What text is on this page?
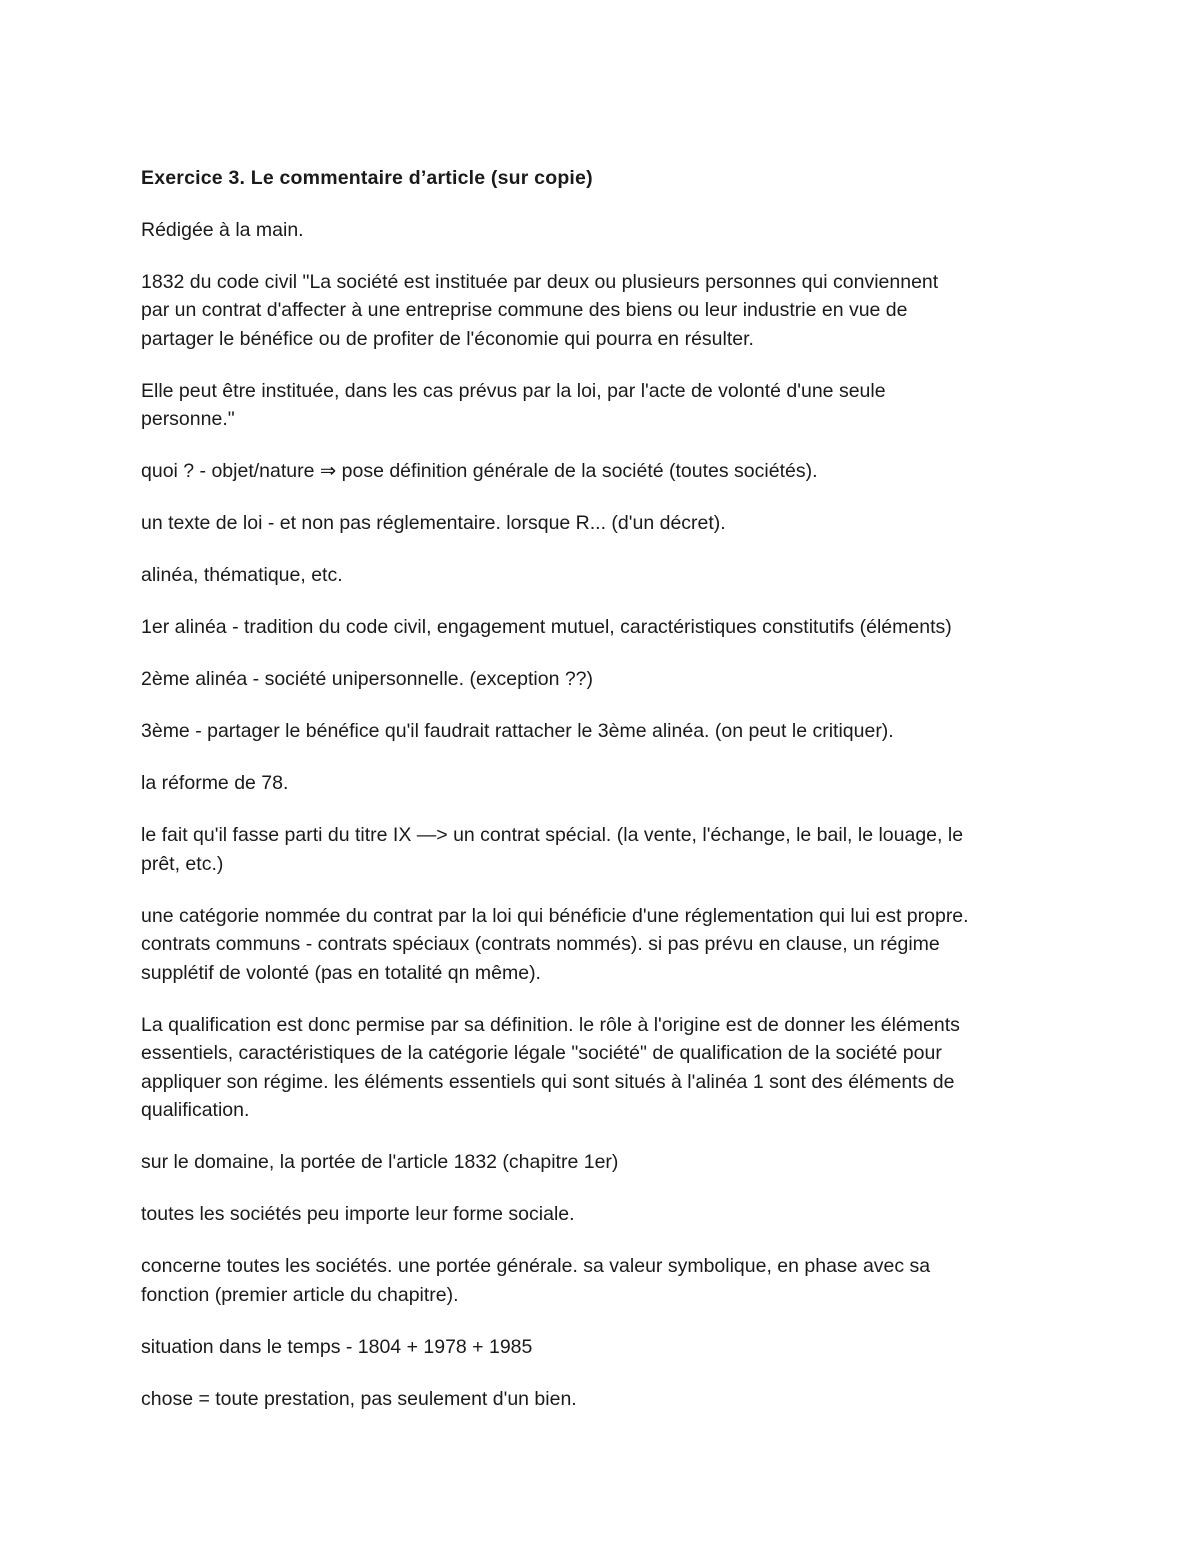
Exercice 3. Le commentaire d’article (sur copie)
Rédigée à la main.
1832 du code civil "La société est instituée par deux ou plusieurs personnes qui conviennent
par un contrat d'affecter à une entreprise commune des biens ou leur industrie en vue de
partager le bénéfice ou de profiter de l'économie qui pourra en résulter.
Elle peut être instituée, dans les cas prévus par la loi, par l'acte de volonté d'une seule
personne."
quoi ? - objet/nature ⇒ pose définition générale de la société (toutes sociétés).
un texte de loi - et non pas réglementaire. lorsque R... (d'un décret).
alinéa, thématique, etc.
1er alinéa - tradition du code civil, engagement mutuel, caractéristiques constitutifs (éléments)
2ème alinéa - société unipersonnelle. (exception ??)
3ème - partager le bénéfice qu'il faudrait rattacher le 3ème alinéa. (on peut le critiquer).
la réforme de 78.
le fait qu'il fasse parti du titre IX —> un contrat spécial. (la vente, l'échange, le bail, le louage, le
prêt, etc.)
une catégorie nommée du contrat par la loi qui bénéficie d'une réglementation qui lui est propre.
contrats communs - contrats spéciaux (contrats nommés). si pas prévu en clause, un régime
supplétif de volonté (pas en totalité qn même).
La qualification est donc permise par sa définition. le rôle à l'origine est de donner les éléments
essentiels, caractéristiques de la catégorie légale "société" de qualification de la société pour
appliquer son régime. les éléments essentiels qui sont situés à l'alinéa 1 sont des éléments de
qualification.
sur le domaine, la portée de l'article 1832 (chapitre 1er)
toutes les sociétés peu importe leur forme sociale.
concerne toutes les sociétés. une portée générale. sa valeur symbolique, en phase avec sa
fonction (premier article du chapitre).
situation dans le temps - 1804 + 1978 + 1985
chose = toute prestation, pas seulement d'un bien.
